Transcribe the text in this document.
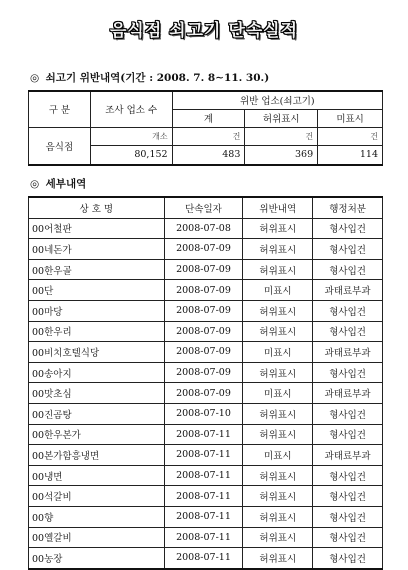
음식점 쇠고기 단속실적
◎ 쇠고기 위반내역(기간 : 2008. 7. 8∼11. 30.)
구 분	조사 업소 수	위반 업소(쇠고기)		
		계	허위표시	미표시
음식점	개소	건	건	건
	80,152	483	369	114
◎ 세부내역
상 호 명	단속일자	위반내역	행정처분
00어철판	2008-07-08	허위표시	형사입건
00네돈가	2008-07-09	허위표시	형사입건
00한우골	2008-07-09	허위표시	형사입건
00단	2008-07-09	미표시	과태료부과
00마당	2008-07-09	허위표시	형사입건
00한우리	2008-07-09	허위표시	형사입건
00비치호텔식당	2008-07-09	미표시	과태료부과
00송아지	2008-07-09	허위표시	형사입건
00맛초심	2008-07-09	미표시	과태료부과
00진곰탕	2008-07-10	허위표시	형사입건
00한우본가	2008-07-11	허위표시	형사입건
00본가함흥냉면	2008-07-11	미표시	과태료부과
00냉면	2008-07-11	허위표시	형사입건
00석갈비	2008-07-11	허위표시	형사입건
00향	2008-07-11	허위표시	형사입건
00옐갈비	2008-07-11	허위표시	형사입건
00농장	2008-07-11	허위표시	형사입건
